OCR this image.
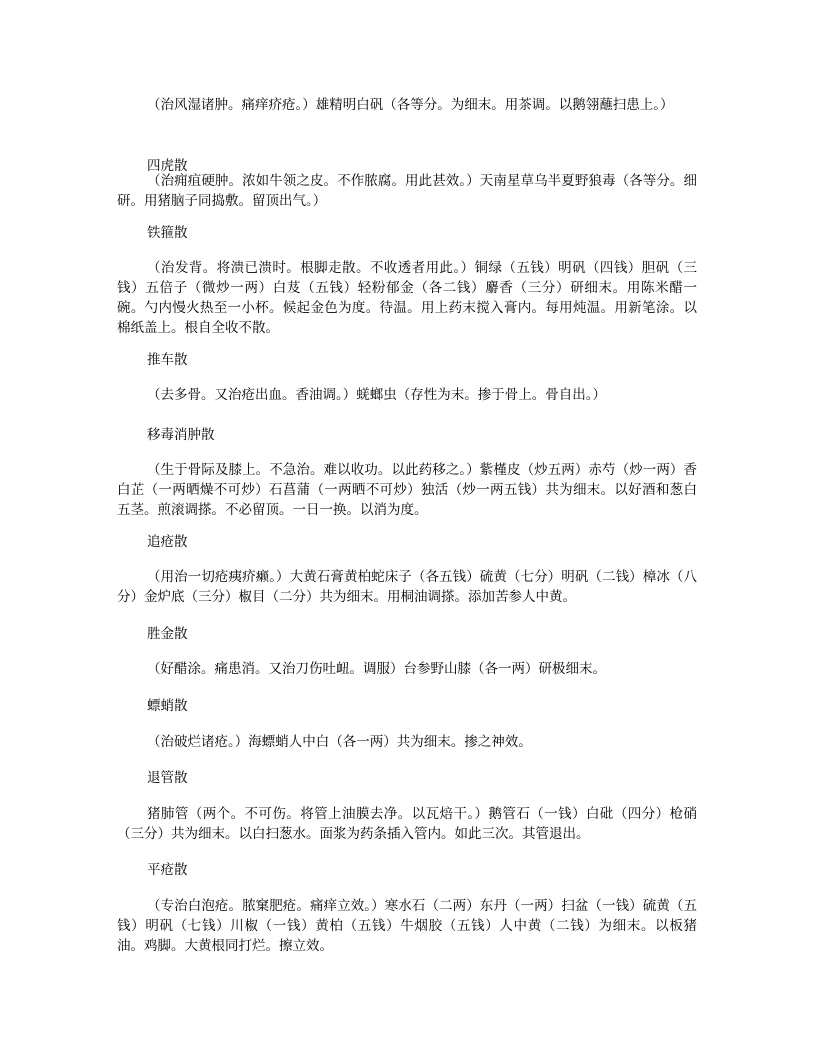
（治风湿诸肿。痛痒疥疮。）雄精明白矾（各等分。为细末。用茶调。以鹅翎蘸扫患上。）

四虎散

（治痈疽硬肿。浓如牛领之皮。不作脓腐。用此甚效。）天南星草乌半夏野狼毒（各等分。细研。用猪脑子同捣敷。留顶出气。）

铁箍散

（治发背。将溃已溃时。根脚走散。不收透者用此。）铜绿（五钱）明矾（四钱）胆矾（三钱）五倍子（微炒一两）白芨（五钱）轻粉郁金（各二钱）麝香（三分）研细末。用陈米醋一碗。勺内慢火热至一小杯。候起金色为度。待温。用上药末搅入膏内。每用炖温。用新笔涂。以棉纸盖上。根自全收不散。

推车散

（去多骨。又治疮出血。香油调。）蜣螂虫（存性为末。掺于骨上。骨自出。）

移毒消肿散

（生于骨际及膝上。不急治。难以收功。以此药移之。）紫槿皮（炒五两）赤芍（炒一两）香白芷（一两晒燥不可炒）石菖蒲（一两晒不可炒）独活（炒一两五钱）共为细末。以好酒和葱白五茎。煎滚调搽。不必留顶。一日一换。以消为度。

追疮散

（用治一切疮痍疥癞。）大黄石膏黄柏蛇床子（各五钱）硫黄（七分）明矾（二钱）樟冰（八分）金炉底（三分）椒目（二分）共为细末。用桐油调搽。添加苦参人中黄。

胜金散

（好醋涂。痛患消。又治刀伤吐衄。调服）台参野山膝（各一两）研极细末。

螵蛸散

（治破烂诸疮。）海螵蛸人中白（各一两）共为细末。掺之神效。

退管散

猪肺管（两个。不可伤。将管上油膜去净。以瓦焙干。）鹅管石（一钱）白砒（四分）枪硝（三分）共为细末。以白扫葱水。面浆为药条插入管内。如此三次。其管退出。

平疮散

（专治白泡疮。脓窠肥疮。痛痒立效。）寒水石（二两）东丹（一两）扫盆（一钱）硫黄（五钱）明矾（七钱）川椒（一钱）黄柏（五钱）牛烟胶（五钱）人中黄（二钱）为细末。以板猪油。鸡脚。大黄根同打烂。擦立效。
